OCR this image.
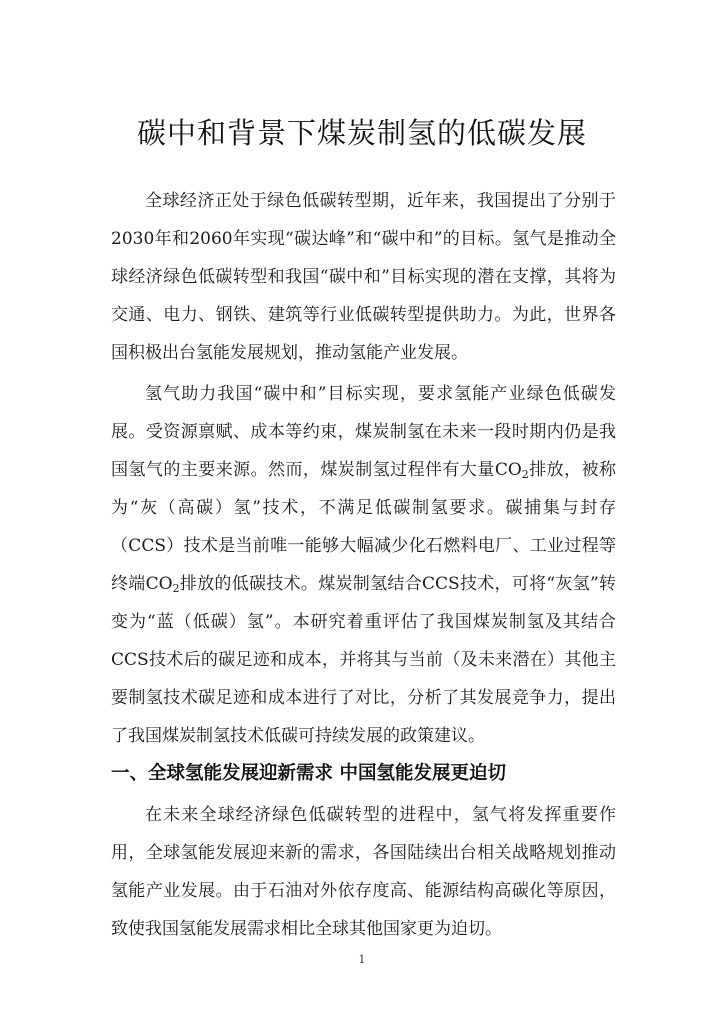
碳中和背景下煤炭制氢的低碳发展

全球经济正处于绿色低碳转型期，近年来，我国提出了分别于2030年和2060年实现“碳达峰”和“碳中和”的目标。氢气是推动全球经济绿色低碳转型和我国“碳中和”目标实现的潜在支撑，其将为交通、电力、钢铁、建筑等行业低碳转型提供助力。为此，世界各国积极出台氢能发展规划，推动氢能产业发展。

氢气助力我国“碳中和”目标实现，要求氢能产业绿色低碳发展。受资源禀赋、成本等约束，煤炭制氢在未来一段时期内仍是我国氢气的主要来源。然而，煤炭制氢过程伴有大量$CO_2$排放，被称为“灰（高碳）氢”技术，不满足低碳制氢要求。碳捕集与封存（CCS）技术是当前唯一能够大幅减少化石燃料电厂、工业过程等终端$CO_2$排放的低碳技术。煤炭制氢结合CCS技术，可将“灰氢”转变为“蓝（低碳）氢”。本研究着重评估了我国煤炭制氢及其结合CCS技术后的碳足迹和成本，并将其与当前（及未来潜在）其他主要制氢技术碳足迹和成本进行了对比，分析了其发展竞争力，提出了我国煤炭制氢技术低碳可持续发展的政策建议。

一、全球氢能发展迎新需求 中国氢能发展更迫切

在未来全球经济绿色低碳转型的进程中，氢气将发挥重要作用，全球氢能发展迎来新的需求，各国陆续出台相关战略规划推动氢能产业发展。由于石油对外依存度高、能源结构高碳化等原因，致使我国氢能发展需求相比全球其他国家更为迫切。

1
